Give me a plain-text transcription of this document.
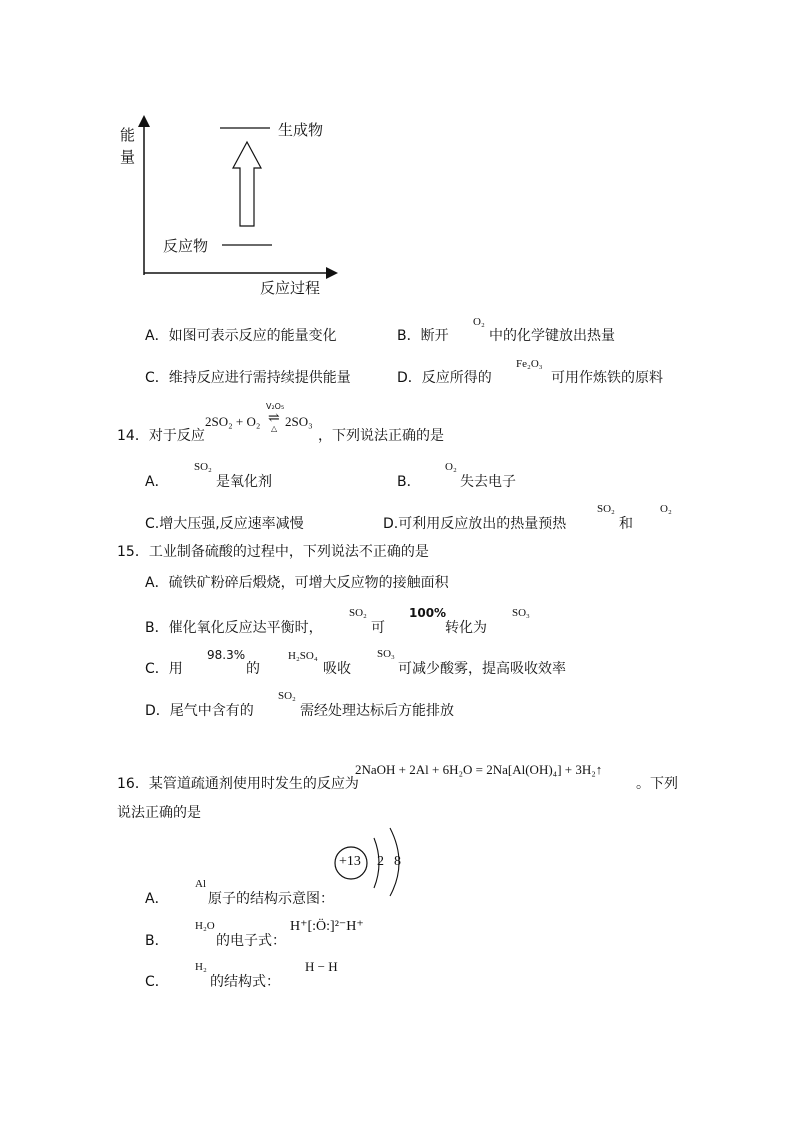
能
量
生成物
反应物
反应过程
A．如图可表示反应的能量变化	B．断开
O₂
中的化学键放出热量
C．维持反应进行需持续提供能量	D．反应所得的
Fe₂O₃
可用作炼铁的原料
14．对于反应
2SO₂ + O₂
V₂O₅
⇌
△ 2SO₃
，下列说法正确的是
A．
SO₂
是氧化剂	B．
O₂
失去电子
C.增大压强,反应速率减慢	D.可利用反应放出的热量预热
SO₂
和
O₂
15．工业制备硫酸的过程中，下列说法不正确的是
A．硫铁矿粉碎后煅烧，可增大反应物的接触面积
B．催化氧化反应达平衡时，
SO₂
可
100%
转化为
SO₃
C．用
98.3%
的
H₂SO₄
吸收
SO₃
可减少酸雾，提高吸收效率
D．尾气中含有的
SO₂
需经处理达标后方能排放
16．某管道疏通剂使用时发生的反应为
2NaOH + 2Al + 6H₂O = 2Na[Al(OH)₄] + 3H₂↑
。下列
说法正确的是
+13 2 8
A．
Al
原子的结构示意图：
B．
H₂O
的电子式：
H⁺[:Ö:]²⁻H⁺
C．
H₂
的结构式：
H − H
